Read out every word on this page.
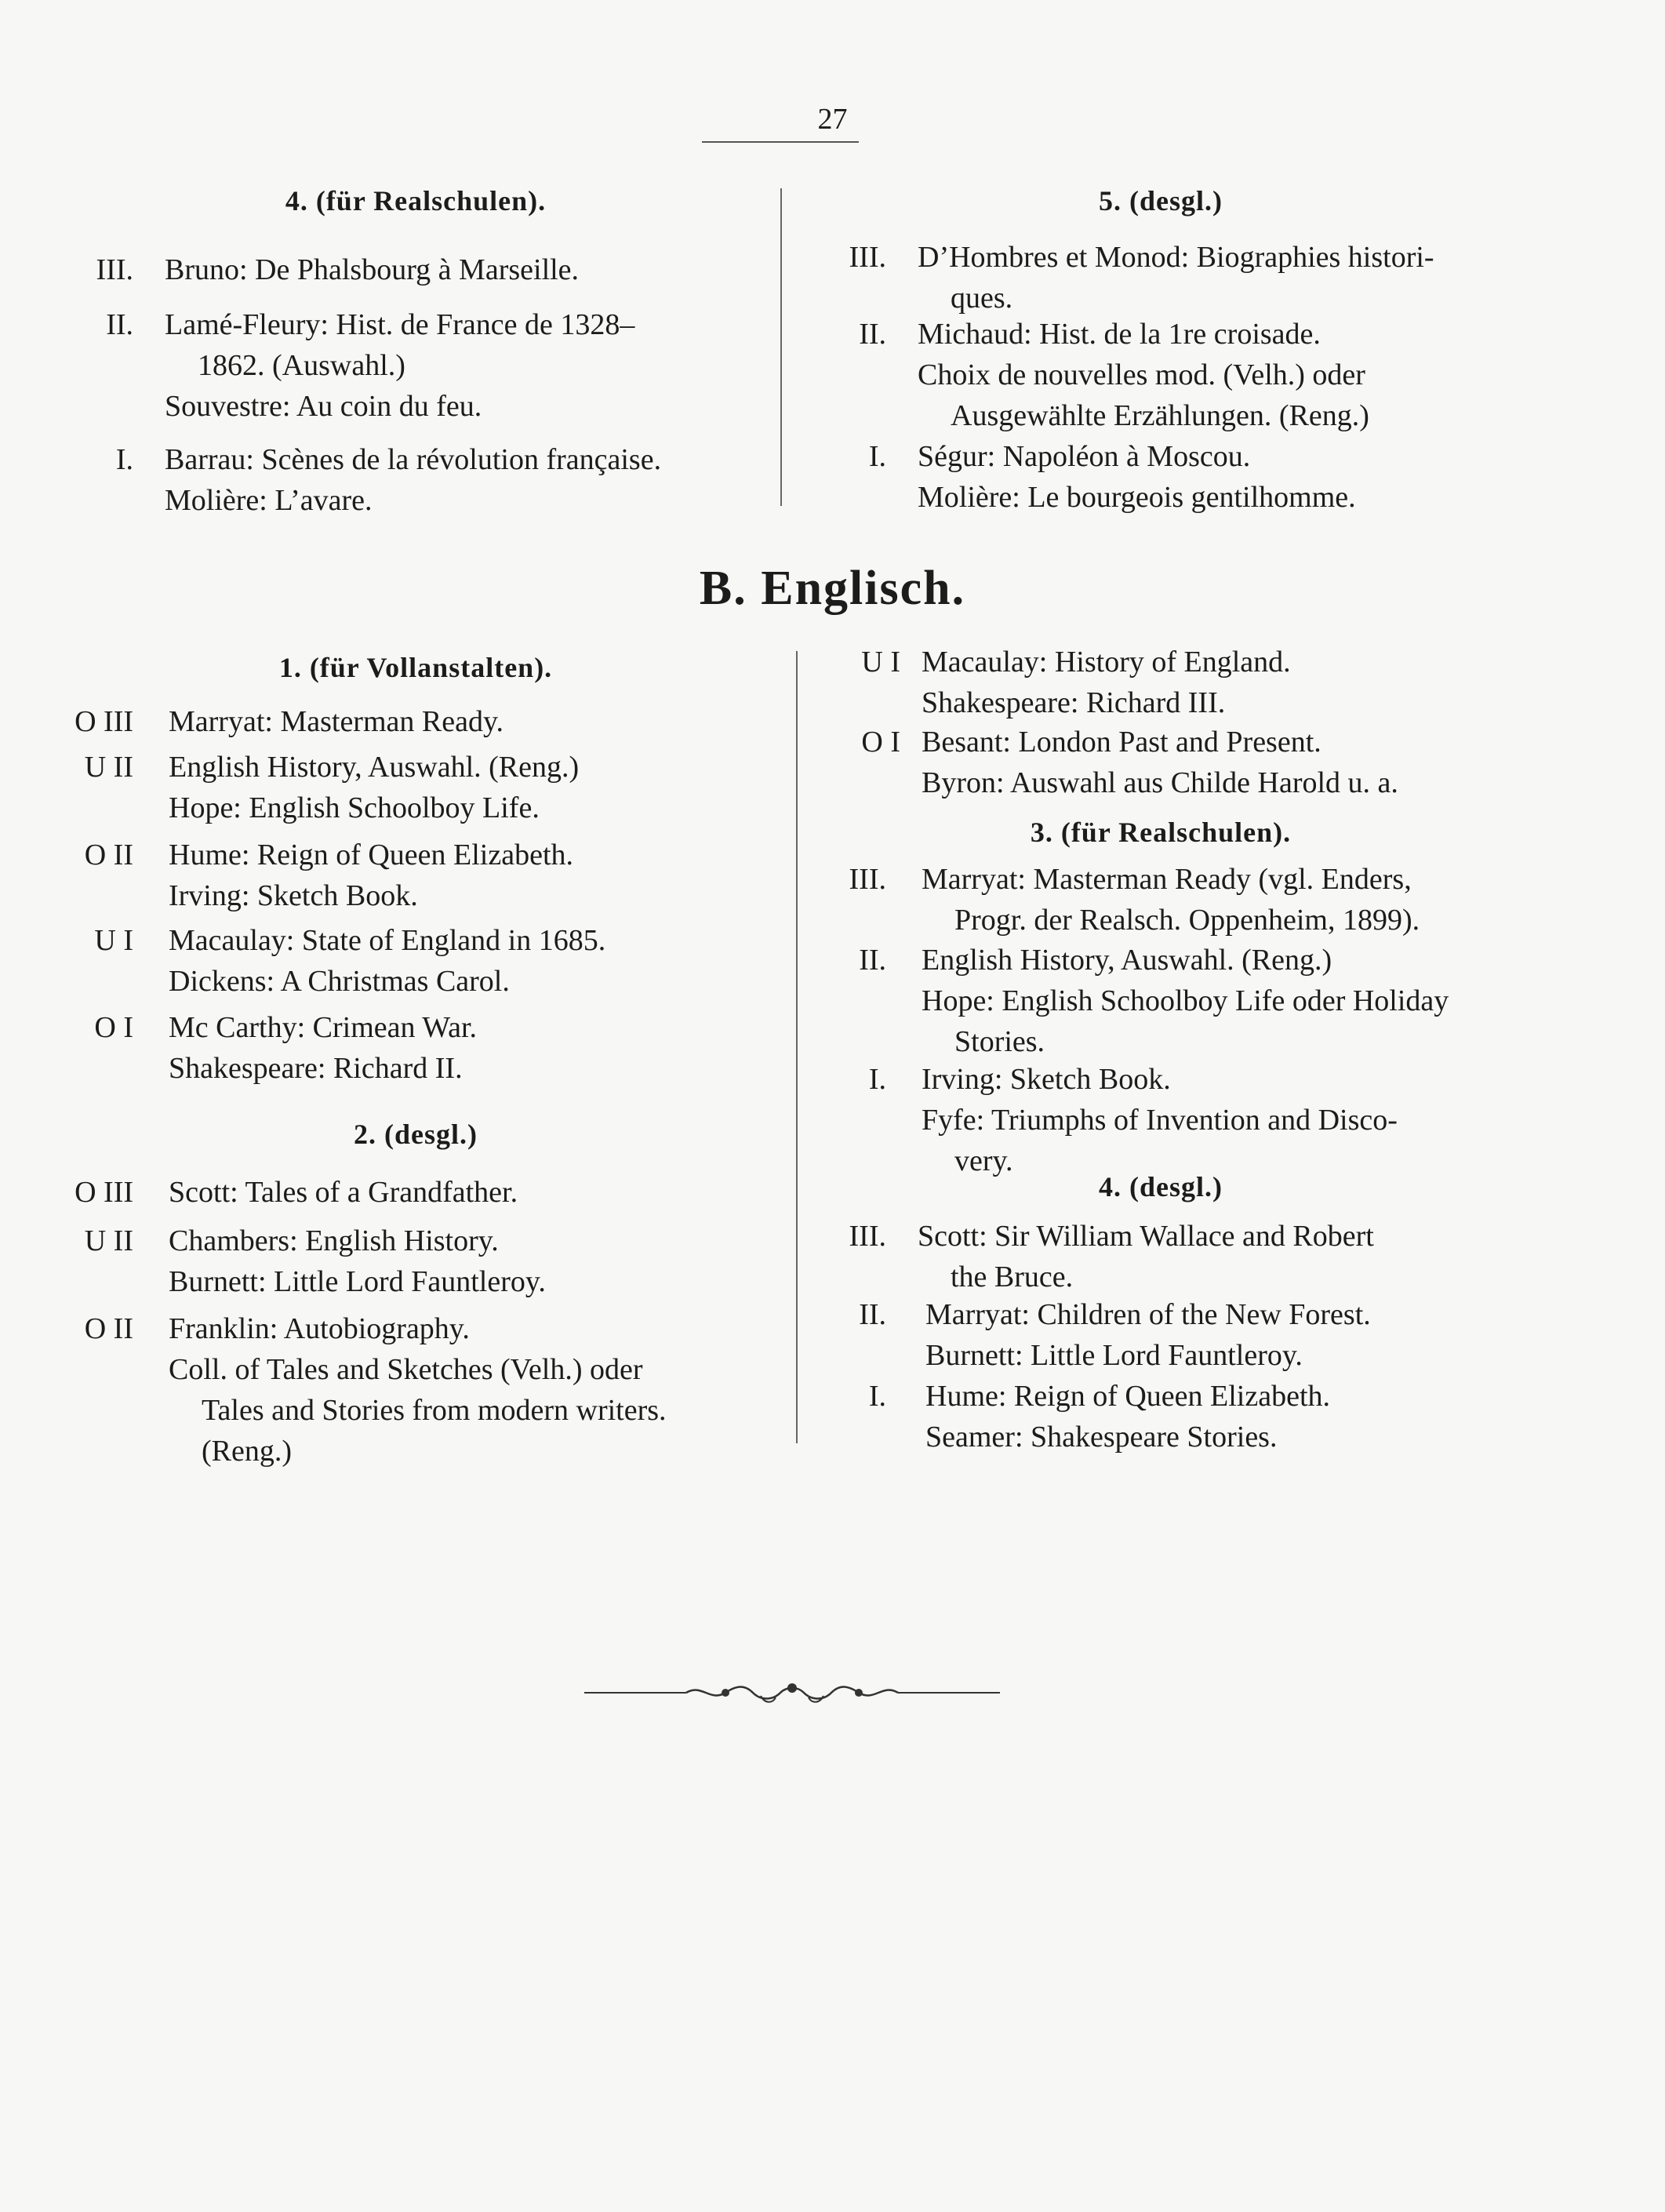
27
4. (für Realschulen).
III. Bruno: De Phalsbourg à Marseille.
II. Lamé-Fleury: Hist. de France de 1328–
1862. (Auswahl.)
Souvestre: Au coin du feu.
I. Barrau: Scènes de la révolution française.
Molière: L’avare.
5. (desgl.)
III. D’Hombres et Monod: Biographies histori-
ques.
II. Michaud: Hist. de la 1re croisade.
Choix de nouvelles mod. (Velh.) oder
Ausgewählte Erzählungen. (Reng.)
I. Ségur: Napoléon à Moscou.
Molière: Le bourgeois gentilhomme.
B. Englisch.
1. (für Vollanstalten).
O III Marryat: Masterman Ready.
U II English History, Auswahl. (Reng.)
Hope: English Schoolboy Life.
O II Hume: Reign of Queen Elizabeth.
Irving: Sketch Book.
U I Macaulay: State of England in 1685.
Dickens: A Christmas Carol.
O I Mc Carthy: Crimean War.
Shakespeare: Richard II.
2. (desgl.)
O III Scott: Tales of a Grandfather.
U II Chambers: English History.
Burnett: Little Lord Fauntleroy.
O II Franklin: Autobiography.
Coll. of Tales and Sketches (Velh.) oder
Tales and Stories from modern writers.
(Reng.)
U I Macaulay: History of England.
Shakespeare: Richard III.
O I Besant: London Past and Present.
Byron: Auswahl aus Childe Harold u. a.
3. (für Realschulen).
III. Marryat: Masterman Ready (vgl. Enders,
Progr. der Realsch. Oppenheim, 1899).
II. English History, Auswahl. (Reng.)
Hope: English Schoolboy Life oder Holiday
Stories.
I. Irving: Sketch Book.
Fyfe: Triumphs of Invention and Disco-
very.
4. (desgl.)
III. Scott: Sir William Wallace and Robert
the Bruce.
II. Marryat: Children of the New Forest.
Burnett: Little Lord Fauntleroy.
I. Hume: Reign of Queen Elizabeth.
Seamer: Shakespeare Stories.
